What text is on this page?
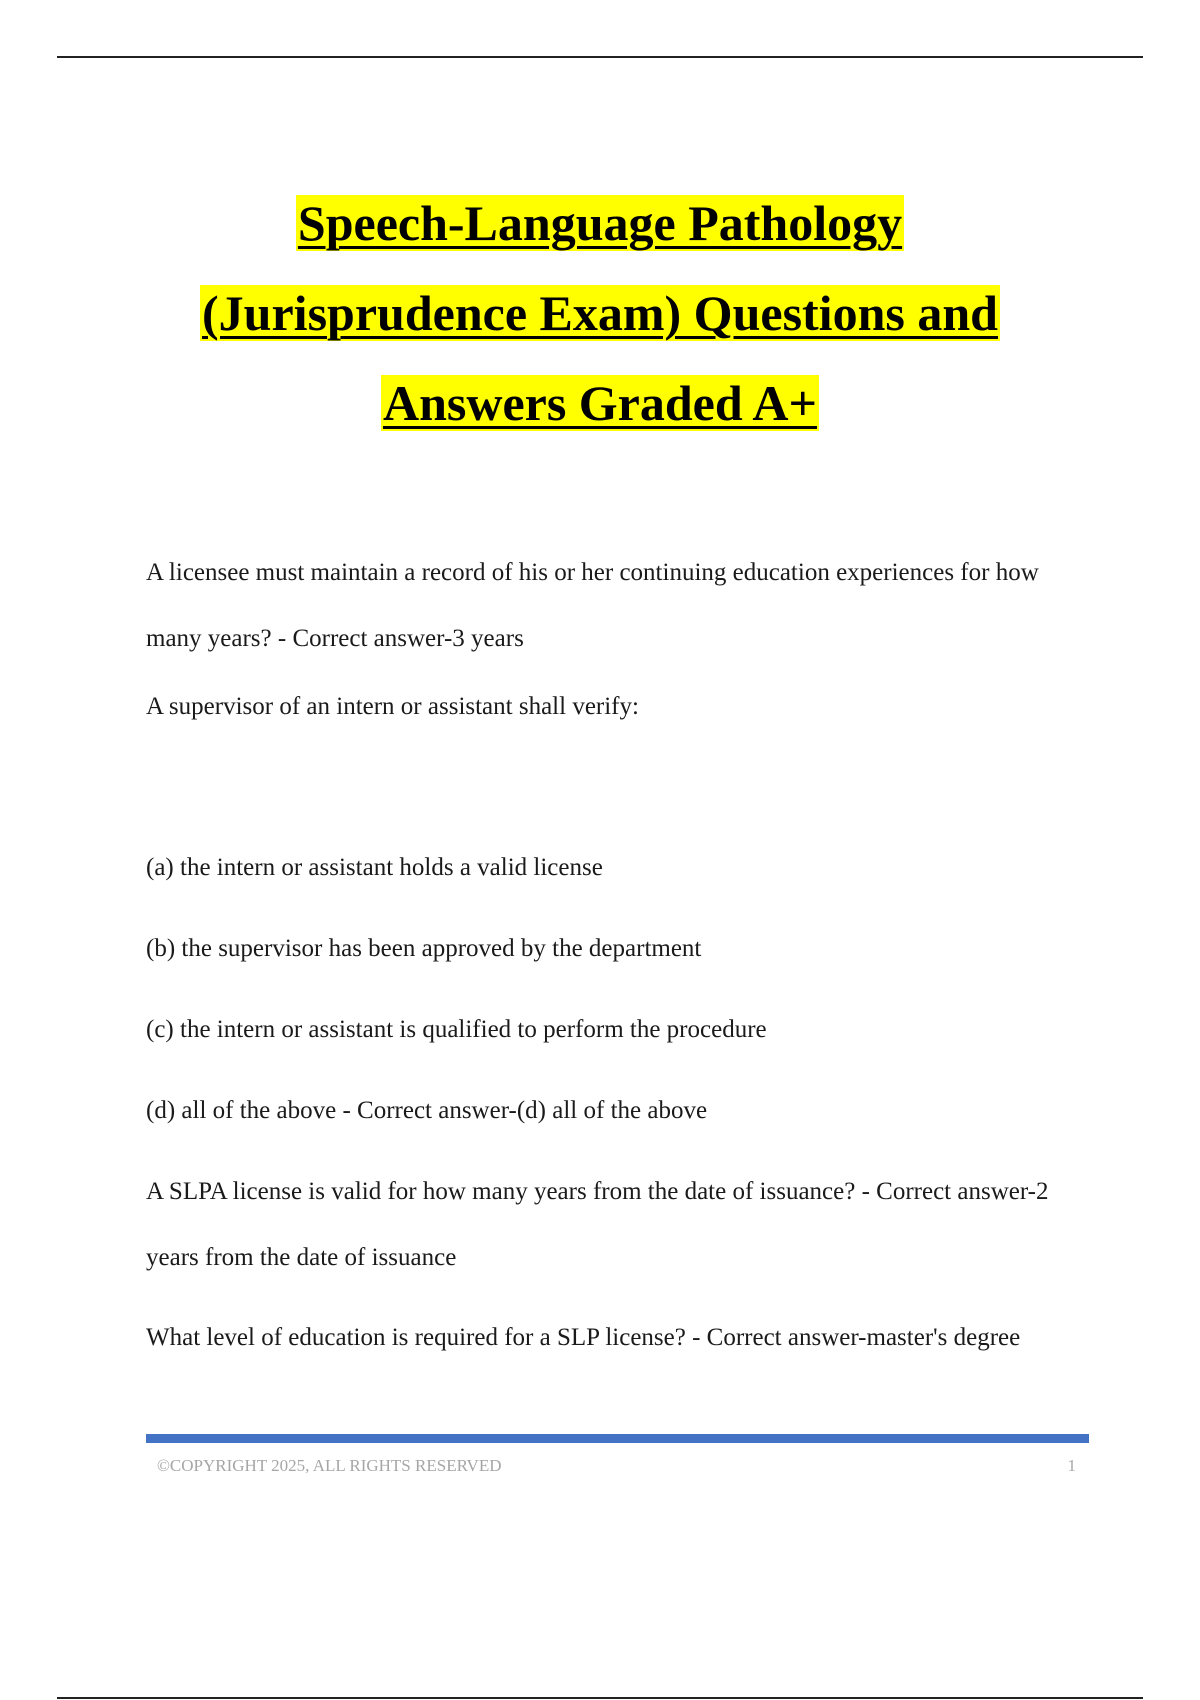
Speech-Language Pathology
(Jurisprudence Exam) Questions and
Answers Graded A+

A licensee must maintain a record of his or her continuing education experiences for how many years? - Correct answer-3 years

A supervisor of an intern or assistant shall verify:

(a) the intern or assistant holds a valid license

(b) the supervisor has been approved by the department

(c) the intern or assistant is qualified to perform the procedure

(d) all of the above - Correct answer-(d) all of the above

A SLPA license is valid for how many years from the date of issuance? - Correct answer-2 years from the date of issuance

What level of education is required for a SLP license? - Correct answer-master's degree

©COPYRIGHT 2025, ALL RIGHTS RESERVED	1
